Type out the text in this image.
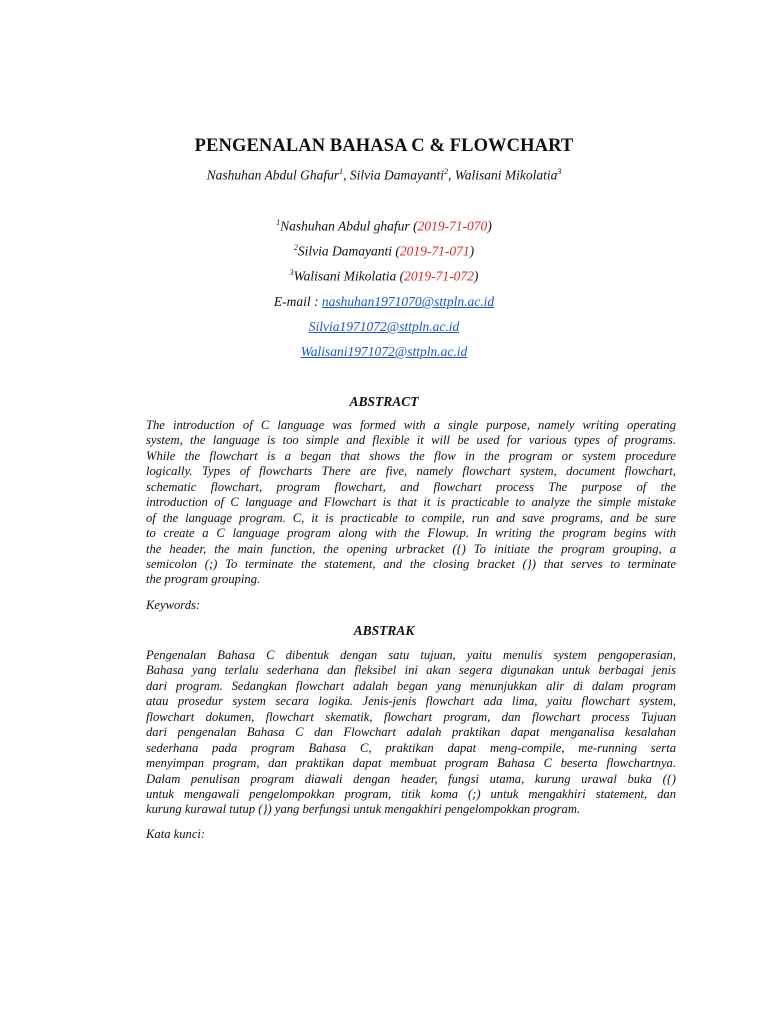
PENGENALAN BAHASA C & FLOWCHART
Nashuhan Abdul Ghafur$^1$, Silvia Damayanti$^2$, Walisani Mikolatia$^3$
$^1$Nashuhan Abdul ghafur (2019-71-070)
$^2$Silvia Damayanti (2019-71-071)
$^3$Walisani Mikolatia (2019-71-072)
E-mail : nashuhan1971070@sttpln.ac.id
Silvia1971072@sttpln.ac.id
Walisani1971072@sttpln.ac.id
ABSTRACT
The introduction of C language was formed with a single purpose, namely writing operating
system, the language is too simple and flexible it will be used for various types of programs.
While the flowchart is a began that shows the flow in the program or system procedure
logically. Types of flowcharts There are five, namely flowchart system, document flowchart,
schematic flowchart, program flowchart, and flowchart process The purpose of the
introduction of C language and Flowchart is that it is practicable to analyze the simple mistake
of the language program. C, it is practicable to compile, run and save programs, and be sure
to create a C language program along with the Flowup. In writing the program begins with
the header, the main function, the opening urbracket ({) To initiate the program grouping, a
semicolon (;) To terminate the statement, and the closing bracket (}) that serves to terminate
the program grouping.
Keywords:
ABSTRAK
Pengenalan Bahasa C dibentuk dengan satu tujuan, yaitu menulis system pengoperasian,
Bahasa yang terlalu sederhana dan fleksibel ini akan segera digunakan untuk berbagai jenis
dari program. Sedangkan flowchart adalah began yang menunjukkan alir di dalam program
atau prosedur system secara logika. Jenis-jenis flowchart ada lima, yaitu flowchart system,
flowchart dokumen, flowchart skematik, flowchart program, dan flowchart process Tujuan
dari pengenalan Bahasa C dan Flowchart adalah praktikan dapat menganalisa kesalahan
sederhana pada program Bahasa C, praktikan dapat meng-compile, me-running serta
menyimpan program, dan praktikan dapat membuat program Bahasa C beserta flowchartnya.
Dalam penulisan program diawali dengan header, fungsi utama, kurung urawal buka ({)
untuk mengawali pengelompokkan program, titik koma (;) untuk mengakhiri statement, dan
kurung kurawal tutup (}) yang berfungsi untuk mengakhiri pengelompokkan program.
Kata kunci:
